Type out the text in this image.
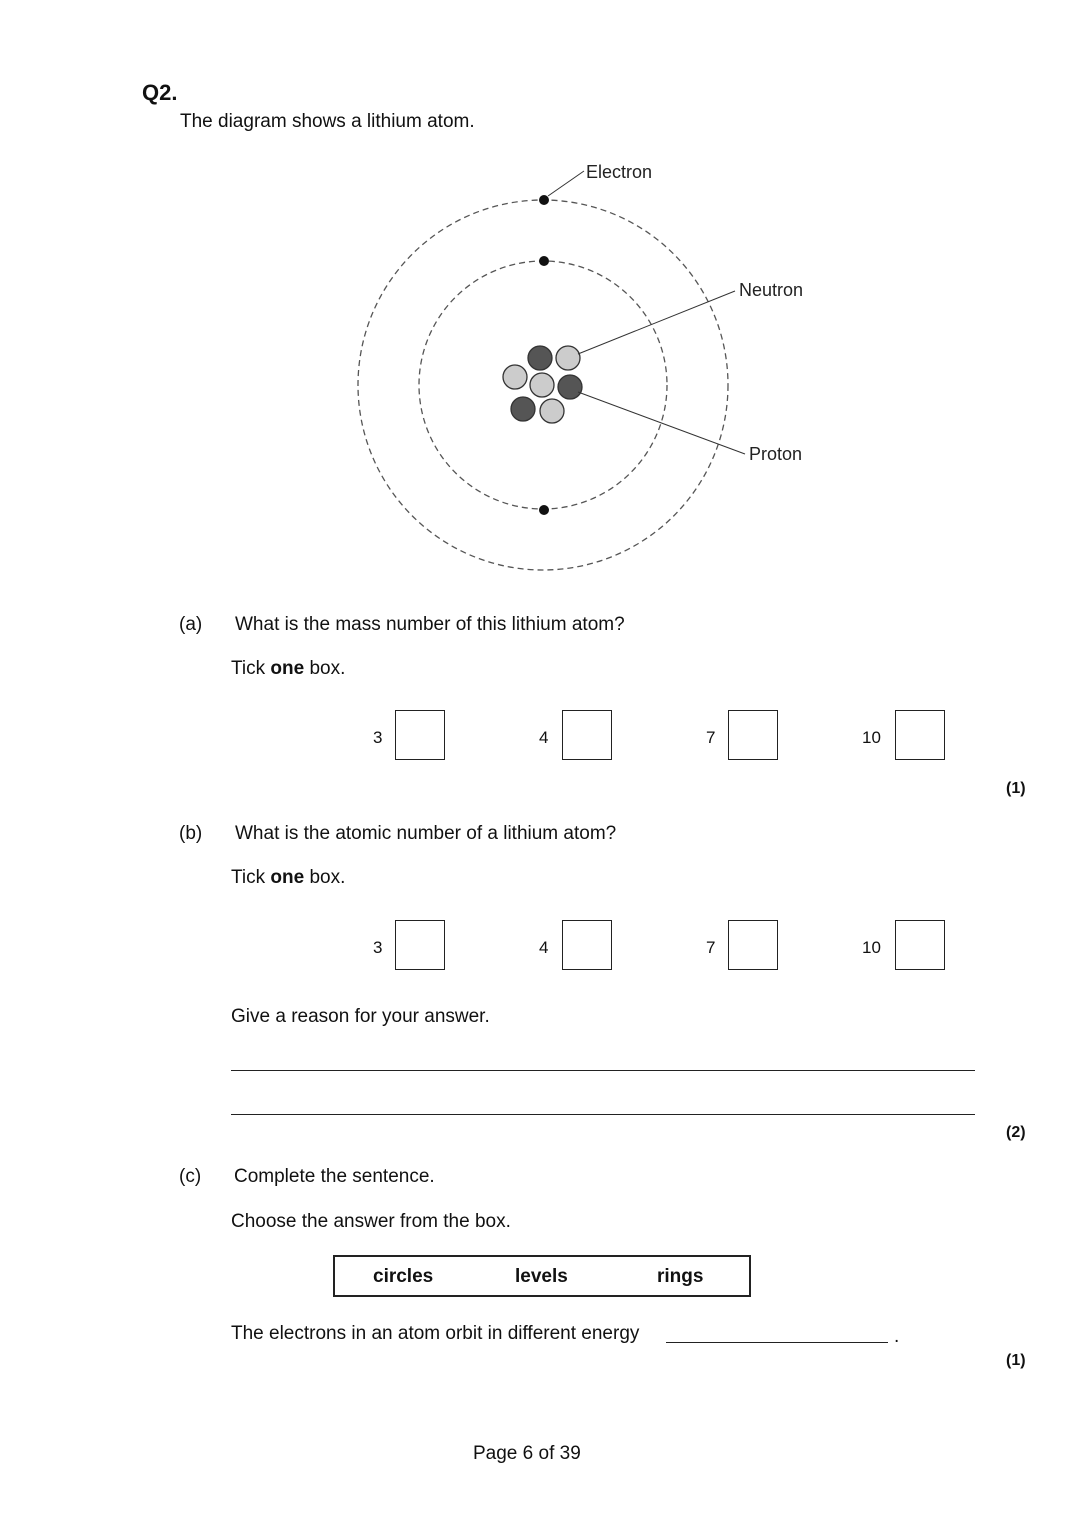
Q2.
The diagram shows a lithium atom.
Electron
Neutron
Proton
(a) What is the mass number of this lithium atom?
Tick one box.
3	4	7	10
(1)
(b) What is the atomic number of a lithium atom?
Tick one box.
3	4	7	10
Give a reason for your answer.
(2)
(c) Complete the sentence.
Choose the answer from the box.
circles	levels	rings
The electrons in an atom orbit in different energy	.
(1)
Page 6 of 39
